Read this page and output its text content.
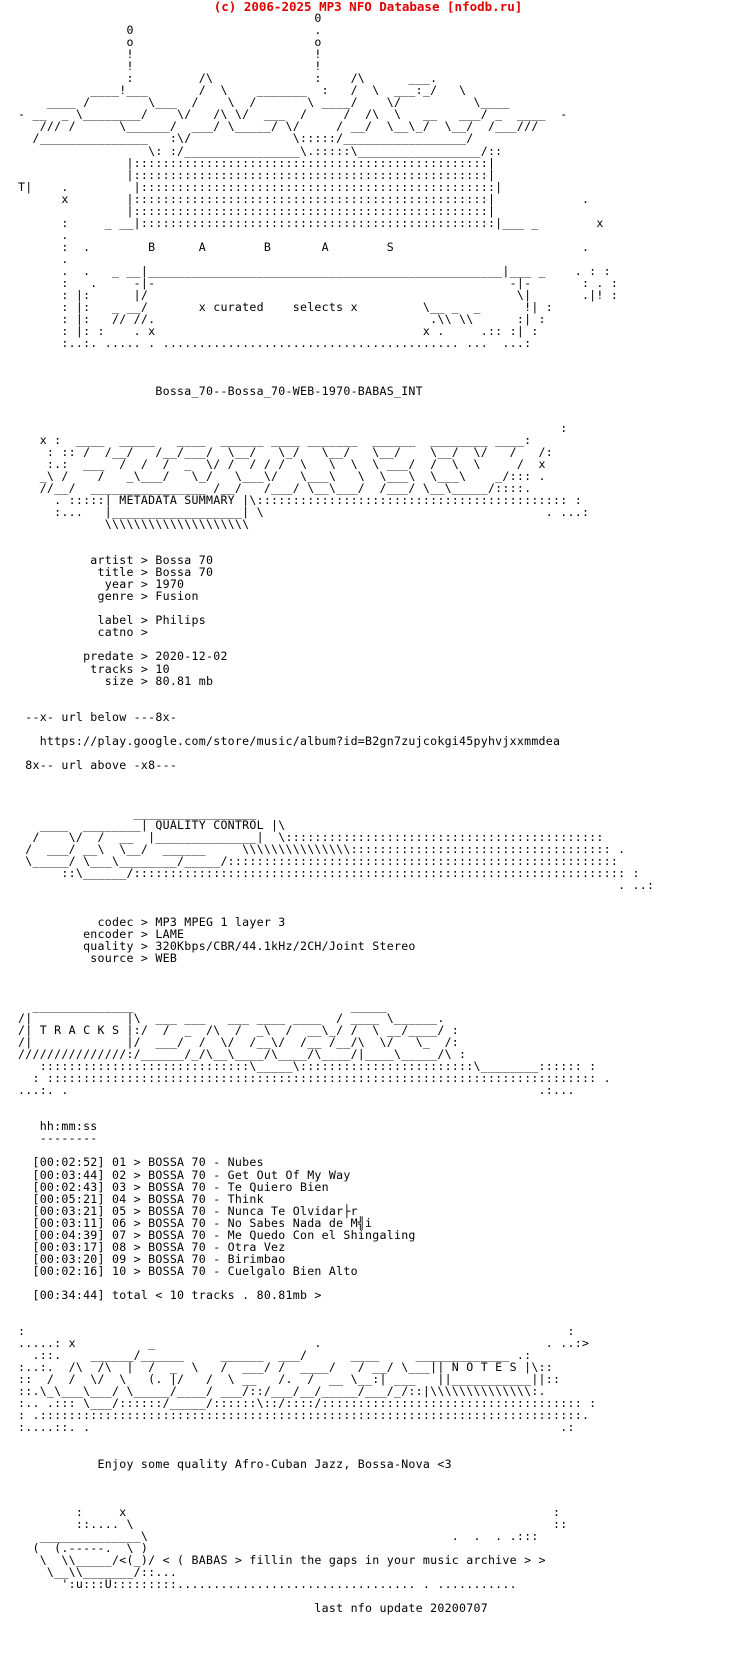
(c) 2006-2025 MP3 NFO Database [nfodb.ru]
0
0                         .
o                         o
!                         !
!                         !
:         /\              :    /\      ___.
____!___       /  \    _______  :   /  \  ___:_/   \
____ /        \___  /    \  /       \ ____/    \/          \____
- __  _ \________/    \/   /\ \/  ___  /     /  /\  \   __   ___/ _  ____  -
/// /      \______/  ___/ \_____/ \/     / __/  \__\_/  \__/  /___///
/_______________   :\/              \:::::/_________________/
\: :/________________\.:::::\_________________/::
|:::::::::::::::::::::::::::::::::::::::::::::::::|
|:::::::::::::::::::::::::::::::::::::::::::::::::|
T|    .         |:::::::::::::::::::::::::::::::::::::::::::::::::|
x        |:::::::::::::::::::::::::::::::::::::::::::::::::|            .
|:::::::::::::::::::::::::::::::::::::::::::::::::|
:     _ __|:::::::::::::::::::::::::::::::::::::::::::::::::|___ _        x
.
:  .        B      A        B       A        S                          .
.
.  .   _ __|_________________________________________________|___ _    . : :
:   .     -|-                                                 -|-       : . :
: |:      |/                                                   \|       .|! :
: |:   _ __/       x curated    selects x         \__ _  _      !| :
: |:   // //.                                      .\\ \\      :| :
: |: :    . x                                     x .     .:: :| :
:..:. ..... . ......................................... ...  ...:

Bossa_70--Bossa_70-WEB-1970-BABAS_INT

:
x :  ____  _____   ____  ______ ____ _______  ______  ________ ____:
: :: /  /__/   /__/___/  \__/   \_/   \__/   \__/    \__/  \/   /   /:
:.:  ___  /  /  /  _  \/ /  / / /  \   \  \  \ ___/  /  \  \     /  x
_\ /    /   _\___/   \_/   \___\/   \___\   \  \___\  \___\    _/::: .
//__/  ________________ /__/   /___/ \__\___/  /___/ \__\_____/::::.
. :::::| METADATA SUMMARY |\::::::::::::::::::::::::::::::::::::::::::: :
:...   |__________________| \                                       . ...:
\\\\\\\\\\\\\\\\\\\\

artist > Bossa 70
title > Bossa 70
year > 1970
genre > Fusion

label > Philips
catno >

predate > 2020-12-02
tracks > 10
size > 80.81 mb

--x- url below ---8x-

https://play.google.com/store/music/album?id=B2gn7zujcokgi45pyhvjxxmmdea

8x-- url above -x8---

_________________
____  ________| QUALITY CONTROL |\
/    \/  /  __  |______________|  \::::::::::::::::::::::::::::::::::::::::::::
/  ___/ __\  \__/  ______     \\\\\\\\\\\\\\\:::::::::::::::::::::::::::::::::::: .
\_____/ \___\________/_____/::::::::::::::::::::::::::::::::::::::::::::::::::::::
::\______/:::::::::::::::::::::::::::::::::::::::::::::::::::::::::::::::::::: :
. ..:

codec > MP3 MPEG 1 layer 3
encoder > LAME
quality > 320Kbps/CBR/44.1kHz/2CH/Joint Stereo
source > WEB

______________                              _____
/|             |\  ___ ___   ___ ____ ____  / ____ \______.
/| T R A C K S |:/  /  _  /\  /  _\  /  __\_/ /  \ __/____/ :
/|             |/  ___/  /  \/  /__\/  /__ /__/\  \/   \_  /:
///////////////:/______/_/\__\____/\____/\____/|____\_____/\ :
:::::::::::::::::::::::::::::\_____\::::::::::::::::::::::::\________:::::: :
: :::::::::::::::::::::::::::::::::::::::::::::::::::::::::::::::::::::::::::: .
...:. .                                                                 .:...

hh:mm:ss
--------

[00:02:52] 01 > BOSSA 70 - Nubes
[00:03:44] 02 > BOSSA 70 - Get Out Of My Way
[00:02:43] 03 > BOSSA 70 - Te Quiero Bien
[00:05:21] 04 > BOSSA 70 - Think
[00:03:21] 05 > BOSSA 70 - Nunca Te Olvidar├r
[00:03:11] 06 > BOSSA 70 - No Sabes Nada de M╣i
[00:04:39] 07 > BOSSA 70 - Me Quedo Con el Shingaling
[00:03:17] 08 > BOSSA 70 - Otra Vez
[00:03:20] 09 > BOSSA 70 - Birimbao
[00:02:16] 10 > BOSSA 70 - Cuelgalo Bien Alto

[00:34:44] total < 10 tracks . 80.81mb >

:                                                                           :
.....: x          _                      .                               . ..:>
.::.    ______/______     ______  ___/      ____     _____________ .:
:..:.  /\  /\  |  /  _  \   /  ___/ /  ____/   / __/ \___|| N O T E S |\::
::  /  /  \/  \   (. |/   /  \ __   /.  /  __ \__:| ___   ||___________||::
::.\_\___\___/ \_____/____/ ___/::/___/__/_____/___/_/::|\\\\\\\\\\\\\\:.
:.. .::: \___/::::::/_____/::::::\::/::::/:::::::::::::::::::::::::::::::::::: :
: .:::::::::::::::::::::::::::::::::::::::::::::::::::::::::::::::::::::::::::.
:....::. .                                                                 .:

Enjoy some quality Afro-Cuban Jazz, Bossa-Nova <3

:     x                                                           :
::.... \                                                          ::
______________\                                          .  .  . .:::
(  (.-----.  \ )
\  \\_____/<(_)/ < ( BABAS > fillin the gaps in your music archive > >
\__\\_______/::...
':u:::U:::::::::................................. . ...........

last nfo update 20200707
